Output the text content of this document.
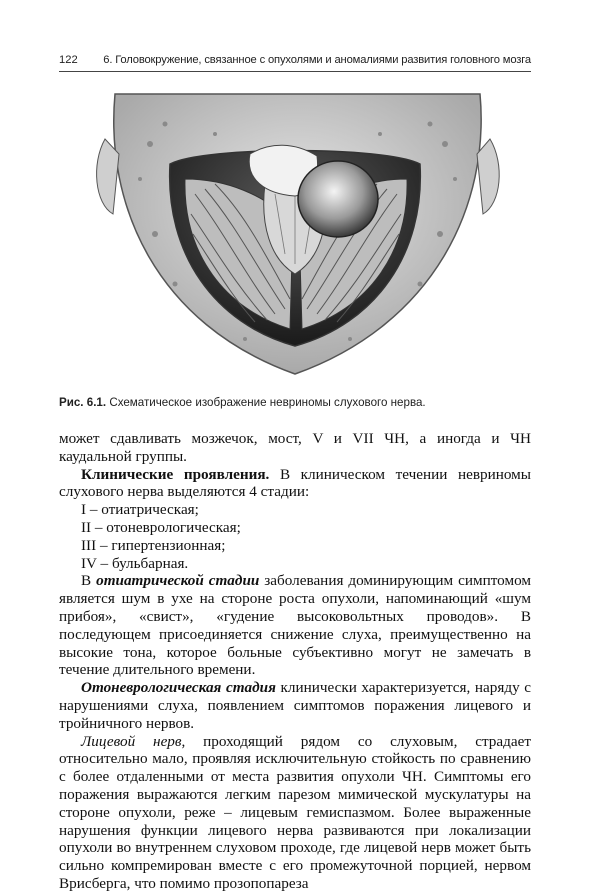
122 6. Головокружение, связанное с опухолями и аномалиями развития головного мозга
Рис. 6.1. Схематическое изображение невриномы слухового нерва.

может сдавливать мозжечок, мост, V и VII ЧН, а иногда и ЧН каудальной группы.

Клинические проявления. В клиническом течении невриномы слухового нерва выделяются 4 стадии:

I – отиатрическая;

II – отоневрологическая;

III – гипертензионная;

IV – бульбарная.

В отиатрической стадии заболевания доминирующим симптомом является шум в ухе на стороне роста опухоли, напоминающий «шум прибоя», «свист», «гудение высоковольтных проводов». В последующем присоединяется снижение слуха, преимущественно на высокие тона, которое больные субъективно могут не замечать в течение длительного времени.

Отоневрологическая стадия клинически характеризуется, наряду с нарушениями слуха, появлением симптомов поражения лицевого и тройничного нервов.

Лицевой нерв, проходящий рядом со слуховым, страдает относительно мало, проявляя исключительную стойкость по сравнению с более отдаленными от места развития опухоли ЧН. Симптомы его поражения выражаются легким парезом мимической мускулатуры на стороне опухоли, реже – лицевым гемиспазмом. Более выраженные нарушения функции лицевого нерва развиваются при локализации опухоли во внутреннем слуховом проходе, где лицевой нерв может быть сильно компремирован вместе с его промежуточной порцией, нервом Врисберга, что помимо прозопопареза
